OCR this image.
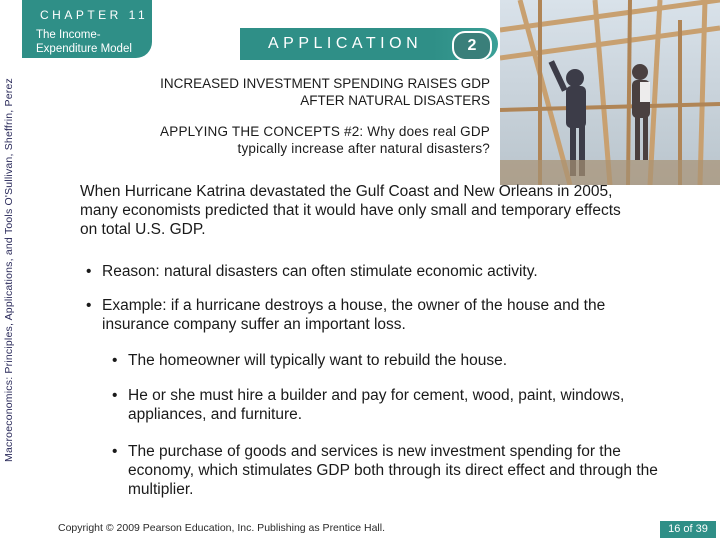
Macroeconomics: Principles, Applications, and Tools O'Sullivan, Sheffrin, Perez
CHAPTER 11
The Income-
Expenditure Model	APPLICATION	2
INCREASED INVESTMENT SPENDING RAISES GDP
AFTER NATURAL DISASTERS
APPLYING THE CONCEPTS #2: Why does real GDP
typically increase after natural disasters?
When Hurricane Katrina devastated the Gulf Coast and New Orleans in 2005, many economists predicted that it would have only small and temporary effects on total U.S. GDP.
• Reason: natural disasters can often stimulate economic activity.
• Example: if a hurricane destroys a house, the owner of the house and the insurance company suffer an important loss.
• The homeowner will typically want to rebuild the house.
• He or she must hire a builder and pay for cement, wood, paint, windows, appliances, and furniture.
• The purchase of goods and services is new investment spending for the economy, which stimulates GDP both through its direct effect and through the multiplier.
Copyright © 2009 Pearson Education, Inc. Publishing as Prentice Hall.	16 of 39
